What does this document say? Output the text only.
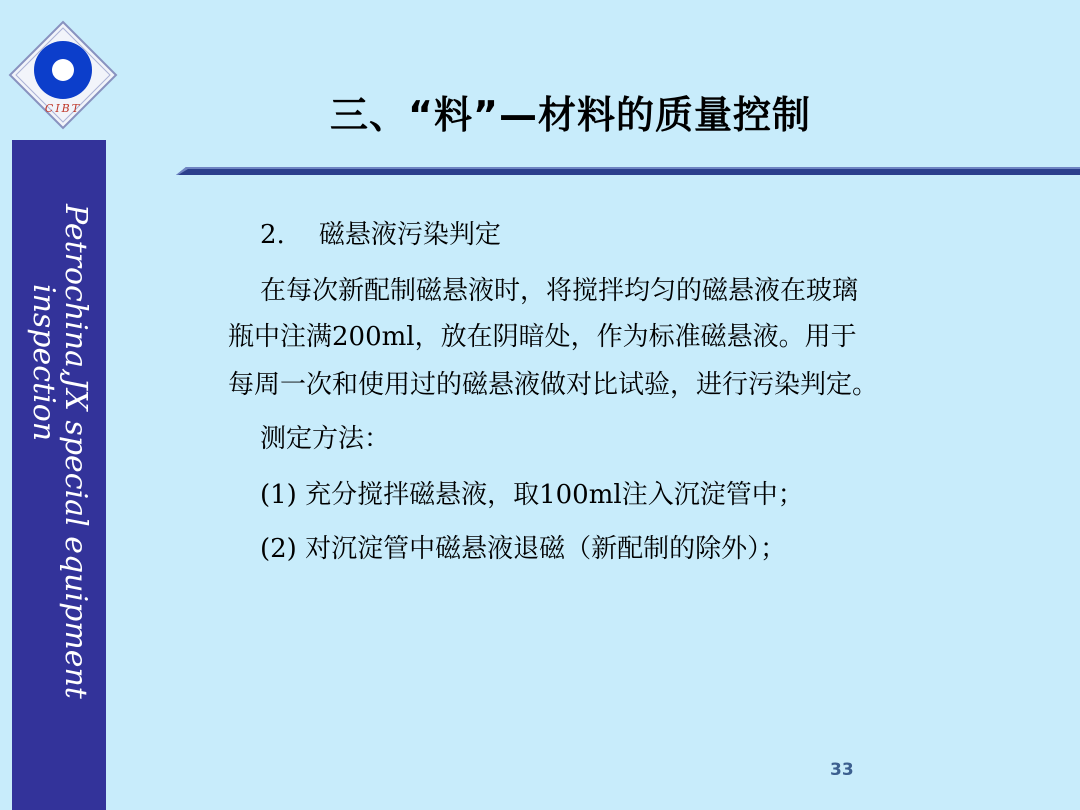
CIBT
Petrochina,JX special equipment
inspection
三、“料”—材料的质量控制
2. 磁悬液污染判定
在每次新配制磁悬液时，将搅拌均匀的磁悬液在玻璃
瓶中注满200ml，放在阴暗处，作为标准磁悬液。用于
每周一次和使用过的磁悬液做对比试验，进行污染判定。
测定方法：
(1) 充分搅拌磁悬液，取100ml注入沉淀管中；
(2) 对沉淀管中磁悬液退磁（新配制的除外）；
33
